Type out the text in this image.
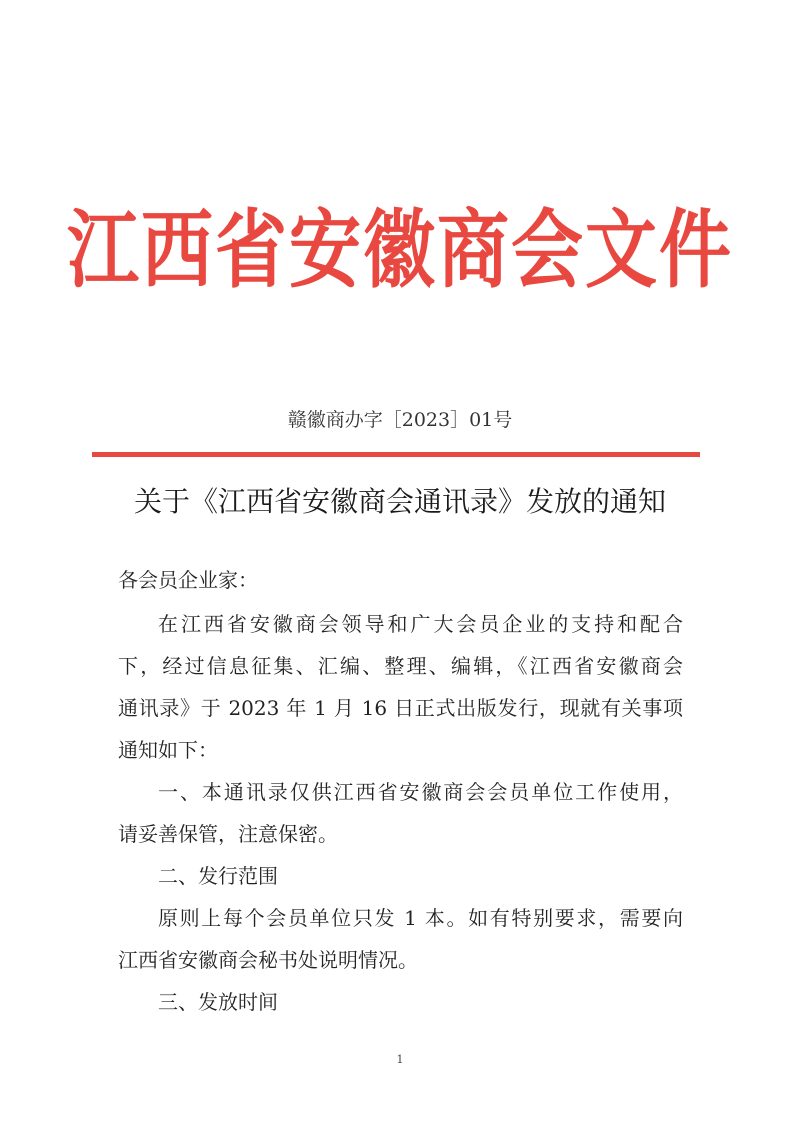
江西省安徽商会文件
赣徽商办字［2023］01号
关于《江西省安徽商会通讯录》发放的通知
各会员企业家：
在江西省安徽商会领导和广大会员企业的支持和配合
下，经过信息征集、汇编、整理、编辑，《江西省安徽商会
通讯录》于 2023 年 1 月 16 日正式出版发行，现就有关事项
通知如下：
一、本通讯录仅供江西省安徽商会会员单位工作使用，
请妥善保管，注意保密。
二、发行范围
原则上每个会员单位只发 1 本。如有特别要求，需要向
江西省安徽商会秘书处说明情况。
三、发放时间
1
